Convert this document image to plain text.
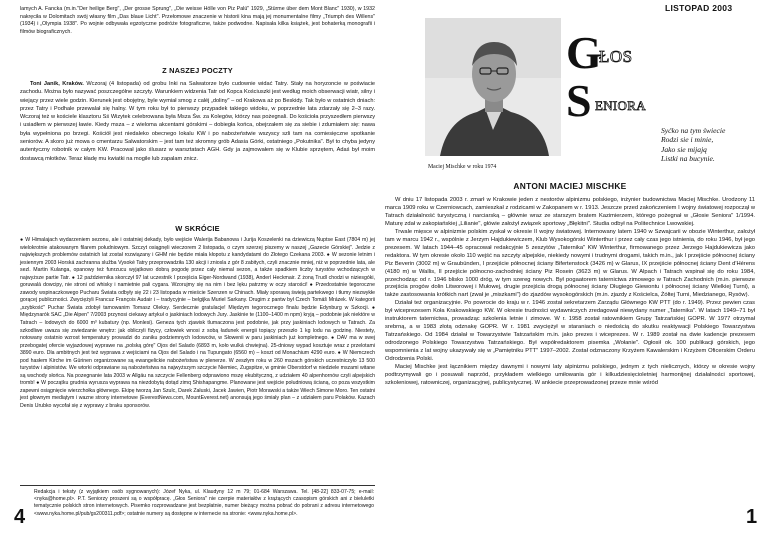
lamych A. Fancka (m.in."Der heilige Berg", „Der grosse Sprung", „Die weisse Hölle von Piz Palü" 1929, „Stürme über dem Mont Blanc" 1930), w 1932 nakręciła w Dolomitach swój własny film „Das blaue Licht". Przełomowe znaczenie w historii kina mają jej monumentalne filmy „Triumph des Willens" (1934) i „Olympia 1938". Po wojnie odbywała egzotyczne podróże fotograficzne, także podwodne. Napisała kilka książek, jest bohaterką monografii i filmów biograficznych.
Z NASZEJ POCZTY
Toni Janik, Kraków. Wczoraj (4 listopada) od grobu Inki na Salwatorze było cudownie widać Tatry. Stały na horyzoncie w poświacie zachodu. Można było nazywać poszczególne szczyty. Warunkiem widzenia Tatr od Kopca Kościuszki jest według moich obserwacji wiatr, silny i wiejący przez wiele godzin. Kierunek jest obojętny, byle wymiał smog z caléj „doliny" – od Krakowa aż po Beskidy. Tak było w ostatnich dniach: przez Tatry i Podhale przewalał się halny. W tym roku był to pierwszy przypadek takiego widoku, w poprzednie lata zdarzały się 2–3 razy. Wczoraj też w kościele klasztoru Sś Wizytek celebrowana była Msza Św. za Kolegów, którzy nas pożegnali. Do kościoła przyszedłem pierwszy i usiadłem w pierwszej ławie. Kiedy msza – z wieloma akcentami górskimi – dobiegła końca, obejrzałem się za siebie i zdumiałem się: nawa była wypełniona po brzegi. Kościół jest niedaleko obecnego lokalu KW i po nabożeństwie wszyscy szli tam na comiesięczne spotkanie seniorów. A skoro już mowa o cmentarzu Salwatorskim – jest tam też skromny grób Adasia Górki, ostatniego „Pokutnika". Był to chyba jedyny autentyczny robotnik w całym KW. Pracował jako ślusarz w warsztatach AGH. Gdy ja zajmowałem się w Klubie sprzętem, Adaś był moim dostawcą młotków. Teraz kładę mu kwiatki na mogile lub zapalam znicz.
W SKRÓCIE
● W Himalajach wydarzeniem sezonu, ale i ostatniej dekady, było wejście Walerija Babanowa i Jurija Koszelenki na dziewiczą Nuptse East (7804 m) jej wielokrotnie atakowanym filarem południowym. Szczyt osiągnęli wieczorem 2 listopada, o czym szerzej piszemy w naszej „Gazecie Górskiej". Jedzie z największych problemów ostatnich lat został rozwiązany i GHM nie będzie miała kłopotu z kandydatami do Złotego Czekana 2003. ● W sezonie letnim i jesiennym 2003 Horská zachranna služba Vysoké Tatry przeprowadziła 130 akcji i zniosla z gór 8 zabitych, czyli znacznie mniej, niż w poprzednie lata, ale sezl. Martin Kulanga, opanowy też funrzucu wyjątkowo dobrą pogodę przez cały niemal sezon, a także spadkiem liczby turystów wchodzących w najwyższe partie Tatr. ● 12 października skorczył 97 lat uczestnik I przejścia Eiger-Nordwand (1938), Anderl Heckmair. Z żoną Trudl chodzi w niziesgóki, goruwalá dowcipy, nie stroni od whisky i namietnie pali cygara. Wzorujmy się na nim i bez lęku patrzmy w oczy starości! ● Przedostatnie tegoroczne zawody wspinaczkowego Pucharu Świata odbyły się 22 i 23 listopada w mieście Szenzen w Chinach. Miały sporawą świeją partekwego i tłumy niezwykłe gorącej publiczności. Zwyciężyli Francuz François Audair i – tradycyjnie – belgijka Muriel Sarkany. Drugim z pantw był Czech Tomáš Mrázek. W kategorii „szybkość" Puchar Świata zdobył tamowanim Tomasz Oleksy. Serdecznie gratulacje! Międzym tegorocznego finalu będzie Edynburg w Szkocji. ● Międzynarók SAC „Die Alpen" 7/2003 przynosi ciekawy artykuł o jaskiniach lodowych Jury. Jaskinie te (1100–1400 m npm) kryją – podobnie jak niektóre w Tatrach – lodowych do 6000 m³ kubatury (np. Monlesi). Geneza tych zjawisk tlumaczona jest podobnie, jak przy jaskiniach lodowych w Tatrach. Za szkodliwe uwaza się zwiedzanie wnętrz: jak obliczyli fizycy, człowiek wnosi z sobą ładunek energii topiący przeszło 1 kg lodu na godzinę. Niestety, notowany ostatnio wzrost temperatury prowadzi do zaniku podziemnych lodowców, w Słowenii w paru jaskiniach już kompletnego. ● DAV ma w swej przebogatej ofercie wyjazdowej wyprawe na „polską górę" Ojos del Salado (6893 m, koło wulká chwiejna). 25-dniowy wypad kosztuje wraz z przelotami 3890 euro. Dla ambitnych jest też wyprawa z wejściami na Ojos del Salado i na Tupungato (6560 m) – koszt od Monachium 4290 euro. ● W Niemczech pod hasłem Kirche im Gürinen organizowane są ewangelickie nabożeństwa w plenerze. W zeszłym roku w 260 mszach górskich uczestniczyło 13 500 turystów i alpinistów. We wtorki odprawiane są nabożeństwa na najwyższym szczycie Niemiec, Zugspitze, w gminie Oberstdorf w niedziele mszami witane są wschody słońca. Na pozegnanie lata 2003 w Allgäu na szczycie Fellenberg odprawiono mszę ekubitycznq, z udziałem 40 alpenhornów czyli alpejskich tromb! ● W początku grudnia wyrusza wyprawa na niezdobytą dotąd zimq Shishapangme. Planowane jest wejście południową ścianą, co poza wszystkim zapewni osiągnięcie wierzchołka głównego. Ekipę tworzą Jan Szulc, Darek Załuski, Jacek Jawien, Piotr Morawski a także Wiech Simone Moro. Ten ostatni jest głownym mediątym i wazne strony internetowe (EverestNews.com, MountEverest.net) anonsują jego śmiały plan – z udziałem paru Polaków. Kazach Denis Urubko wycofał się z wyprawy z braku sponsorów.
Redakcja i teksty (z wyjątkiem osób sygnowanych): Józef Nyka, ul. Klaudyny 12 m 79; 01-684 Warszawa. Tel. [48-22] 833-07-75; e-mail: <nyka@home.pl>. P.T. Seniorzy proszeni są o współpracę. „Głos Seniora" nie czerpie materiałów z krążących czasopism górskich ani z bieluletki tematycznie polskich stron internetowych. Pisemko rozprowadzane jest bezpłatnie, numer bieżący można pobrać do pobrani z adresu internetowego <www.nyka.home.pl/pub/gs200311.pdf>; ostatnie numery są dostępne w internecie na stronie: <www.nyka.home.pl>.
4
LISTOPAD 2003
Maciej Mischke w roku 1974
G
ŁOS
S ENIORA
Syćko na tym świecie
Rodzi sie i minie,
Jako sie mijają
Listki na bucynie.
ANTONI MACIEJ MISCHKE

W dniu 17 listopada 2003 r. zmarł w Krakowie jeden z nestorów alpinizmu polskiego, inżynier budownictwa Maciej Mischke. Urodzony 11 marca 1909 roku w Czerniowcach, zamieszkał z rodzicami w Zakopanem w r. 1913. Jeszcze przed zakończeniem I wojny światowej rozpoczął w Tatrach działalność turystyczną i narciarską – głównie wraz ze starszym bratem Kazimierzem, którego pożegnał w „Głosie Seniora" 1/1994. Maturę zdał w zakopiańskiej „Lilianie", główie założył związek sportowy „Błękitni". Studia odbył na Politechnice Lwowskiej.

Trwale mięsce w alpinizmie polskim zyskał w okresie II wojny światowej. Internowany latem 1940 w Szwajcarii w obozie Winterthur, założył tam w marcu 1942 r., wspólnie z Jerzym Hajdukiewiczem, Klub Wysokogórski Winterthur i przez cały czas jego istnienia, do roku 1946, był jego prezesem. W latach 1944–45 opracował redakcyjnie 5 zeszytów „Taternika" KW Winterthur, firmowanego przez Jerzego Hajdukiewicza jako redaktora. W tym okresie około 110 wejść na szczyty alpejskie, niekiedy nowymi i trudnymi drogami, takich m.in., jak I przejście północnej ściany Piz Beverin (3002 m) w Graubünden, I przejście północnej ściany Bifertenstock (3426 m) w Glarus, IX przejście północnej ściany Dent d'Hérens (4180 m) w Wallis, II przejście północno-zachodniej ściany Piz Rosein (3623 m) w Glarus. W Alpach i Tatrach wspinał się do roku 1984, przechodząc od r. 1946 blisko 1000 dróg, w tym szereg nowych. Był pogaatorem taternictwa zimowego w Tatrach Zachodnich (m.in. pierwsze przejścia progów dolin Litworowej i Mułowej, drugie przejścia drogą północnej ściany Długiego Giewontu i północnej ściany Wielkiej Turni), a także zastosowania krótkich nart (zwał je „miszkami") do zjazdów wysokogórskich (m.in. zjazdy z Kościelca, Żółtej Turni, Miedzianego, Rysów).

Działał też organizacyjnie. Po powrocie do kraju w r. 1946 został sekretarzem Zarządu Głównego KW PTT (do r. 1949). Przez pewien czas był wiceprezesem Koła Krakowskiego KW. W okresie trudności wydawniczych zredagował niewydany numer „Taternika". W latach 1949–71 był instruktorem taternictwa, prowadząc szkolenia letnie i zimowe. W r. 1958 został ratownikiem Grupy Tatrzańskiej GOPR. W 1977 otrzymał srebrną, a w 1983 złotą odznakę GOPR. W r. 1981 zwyciężył w staraniach o niedością do skutku reaktywacji Polskiego Towarzystwa Tatrzańskiego. Od 1984 działał w Towarzystwie Tatrzańskim m.in. jako prezes i wiceprezes. W r. 1989 został na dwie kadencje prezesem odrodzonego Polskiego Towarzystwa Tatrzańskiego. Był współredaktorem pisemka „Wołanie". Ogłosił ok. 100 publikacji górskich, jego wspomnienia z lat wojny ukazywały się w „Pamiętniku PTT" 1997–2002. Został odznaczony Krzyżem Kawalerskim i Krzyżem Oficerskim Orderu Odrodzenia Polski.

Maciej Mischke jest łącznikiem między dawnymi i nowymi laty alpinizmu polskiego, jednym z tych nielicznych, którzy w okresie wojny podtrzymywali go i posuwali naprzód, przykładem wielkiego umiłowania gór i kilkudziesięcioletniej harmonijnej działalności sportowej, szkoleniowej, ratowniczej, organizacyjnej, publicystycznej. W ankiecie przeprowadzonej przeze mnie wśród

1
